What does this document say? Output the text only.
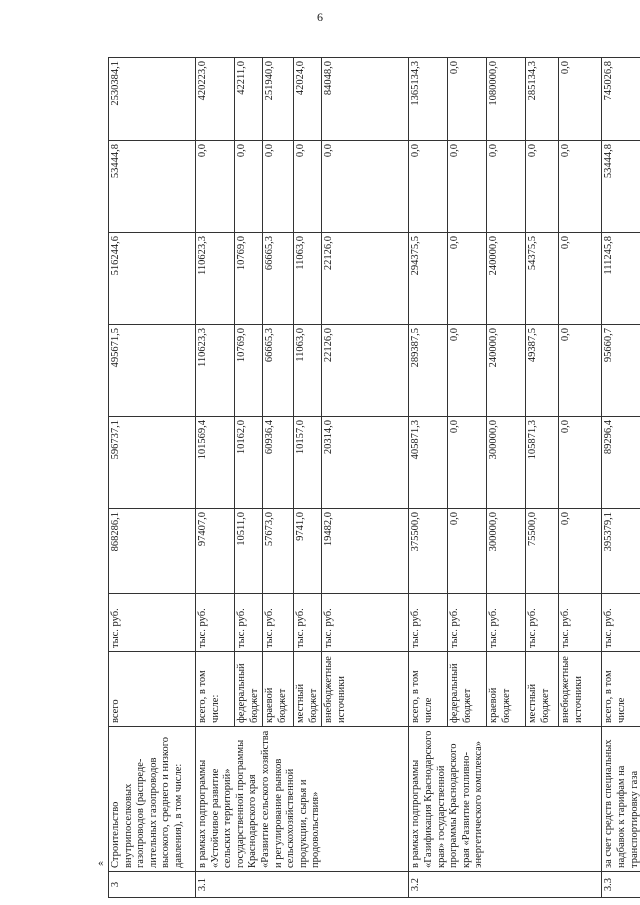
6
«
3	Строительство внутрипоселковых газопроводов (распреде-лительных газопроводов высокого, среднего и низкого давления), в том числе:	всего	тыс. руб.	868286,1	596737,1	495671,5	516244,6	53444,8	2530384,1
3.1	в рамках подпрограммы «Устойчивое развитие сельских территорий» государственной программы Краснодарского края «Развитие сельского хозяйства и регулирование рынков сельскохозяйственной продукции, сырья и продовольствия»	всего, в том числе:	тыс. руб.	97407,0	101569,4	110623,3	110623,3	0,0	420223,0
		федеральный бюджет	тыс. руб.	10511,0	10162,0	10769,0	10769,0	0,0	42211,0
		краевой бюджет	тыс. руб.	57673,0	60936,4	66665,3	66665,3	0,0	251940,0
		местный бюджет	тыс. руб.	9741,0	10157,0	11063,0	11063,0	0,0	42024,0
		внебюджетные источники	тыс. руб.	19482,0	20314,0	22126,0	22126,0	0,0	84048,0
3.2	в рамках подпрограммы «Газификация Краснодарского края» государственной программы Краснодарского края «Развитие топливно-энергетического комплекса»	всего, в том числе	тыс. руб.	375500,0	405871,3	289387,5	294375,5	0,0	1365134,3
		федеральный бюджет	тыс. руб.	0,0	0,0	0,0	0,0	0,0	0,0
		краевой бюджет	тыс. руб.	300000,0	300000,0	240000,0	240000,0	0,0	1080000,0
		местный бюджет	тыс. руб.	75500,0	105871,3	49387,5	54375,5	0,0	285134,3
		внебюджетные источники	тыс. руб.	0,0	0,0	0,0	0,0	0,0	0,0
3.3	за счет средств специальных надбавок к тарифам на транспортировку газа	всего, в том числе	тыс. руб.	395379,1	89296,4	95660,7	111245,8	53444,8	745026,8
